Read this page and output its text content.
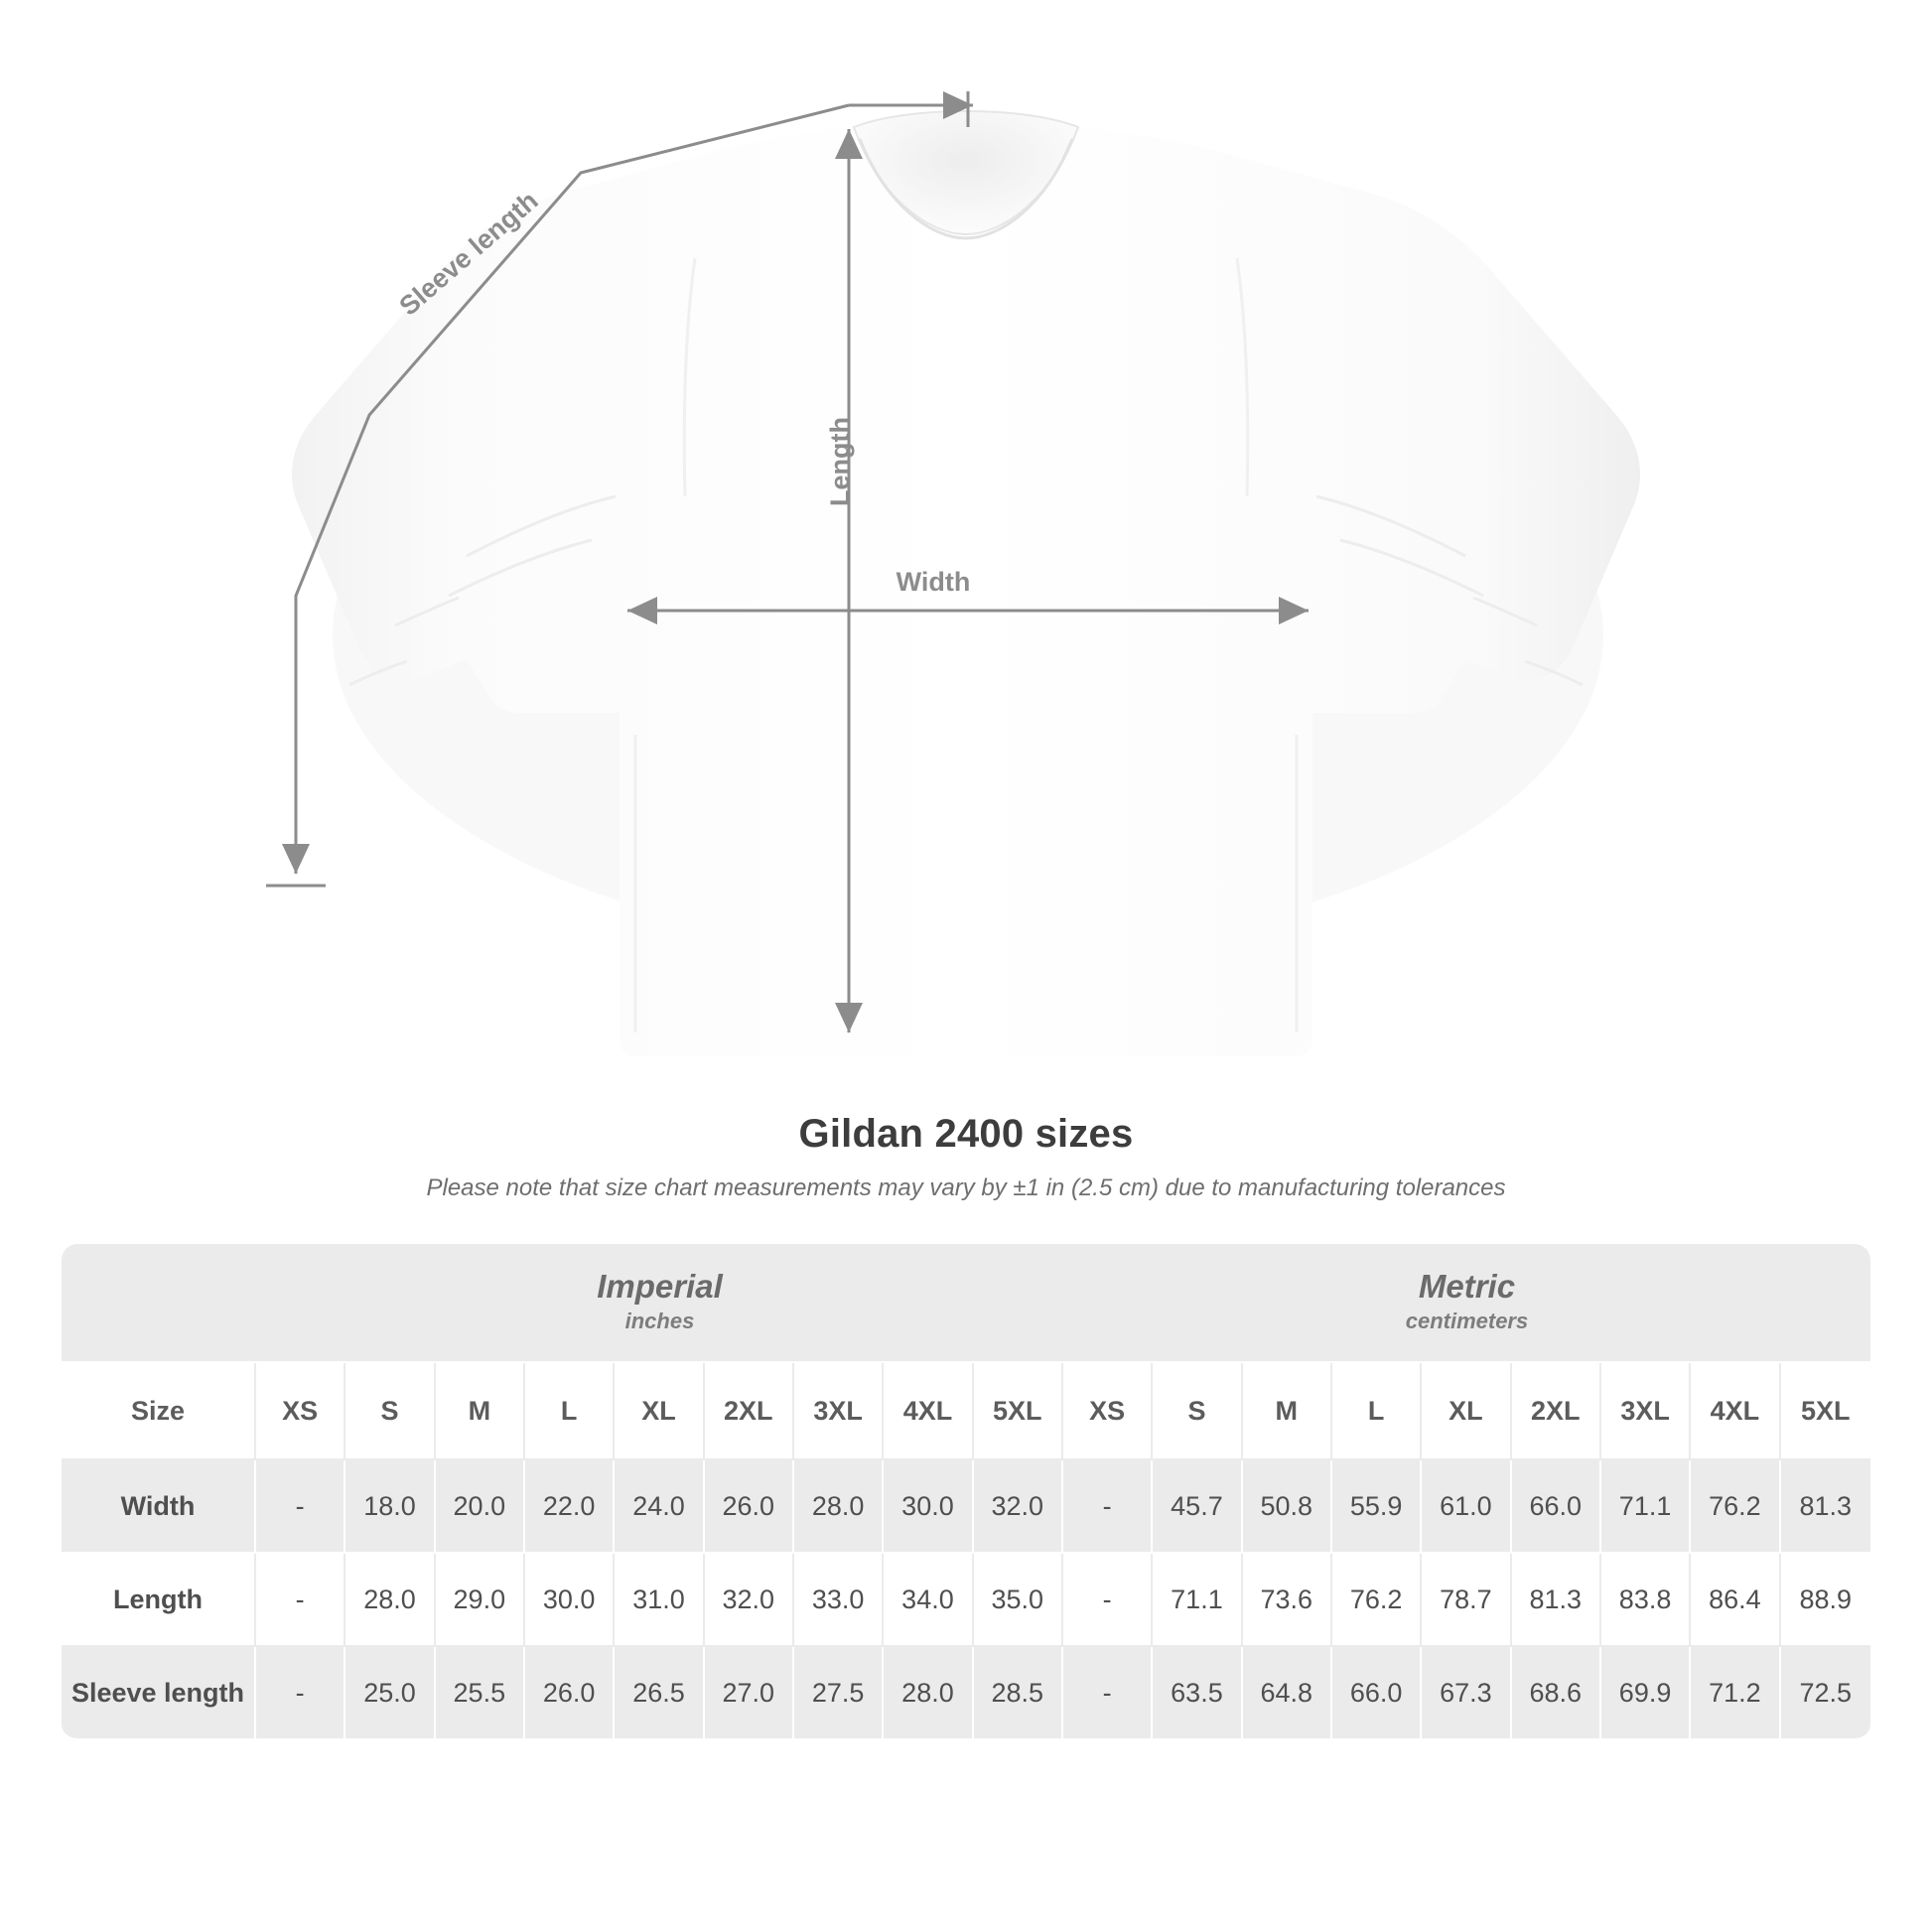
Length
Width
Sleeve length
Gildan 2400 sizes

Please note that size chart measurements may vary by ±1 in (2.5 cm) due to manufacturing tolerances

Imperial
inches

Metric
centimeters

Size	XS	S	M	L	XL	2XL	3XL	4XL	5XL	XS	S	M	L	XL	2XL	3XL	4XL	5XL
Width	-	18.0	20.0	22.0	24.0	26.0	28.0	30.0	32.0	-	45.7	50.8	55.9	61.0	66.0	71.1	76.2	81.3
Length	-	28.0	29.0	30.0	31.0	32.0	33.0	34.0	35.0	-	71.1	73.6	76.2	78.7	81.3	83.8	86.4	88.9
Sleeve length	-	25.0	25.5	26.0	26.5	27.0	27.5	28.0	28.5	-	63.5	64.8	66.0	67.3	68.6	69.9	71.2	72.5
